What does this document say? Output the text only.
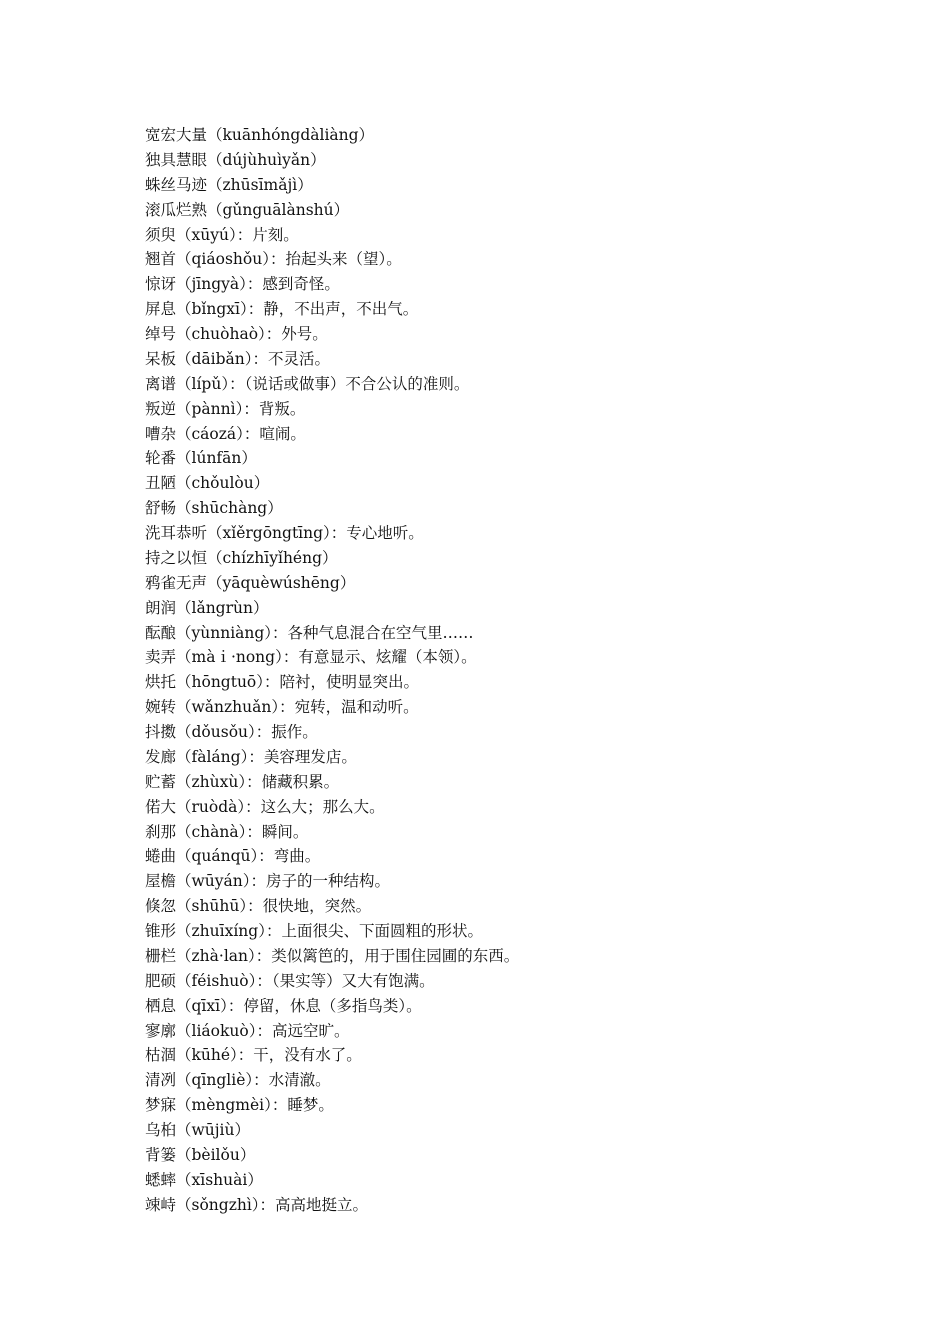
宽宏大量（kuānhóngdàliàng）
独具慧眼（dújùhuìyǎn）
蛛丝马迹（zhūsīmǎjì）
滚瓜烂熟（gǔnguālànshú）
须臾（xūyú）：片刻。
翘首（qiáoshǒu）：抬起头来（望）。
惊讶（jīngyà）：感到奇怪。
屏息（bǐngxī）：静，不出声，不出气。
绰号（chuòhaò）：外号。
呆板（dāibǎn）：不灵活。
离谱（lípǔ）：（说话或做事）不合公认的准则。
叛逆（pànnì）：背叛。
嘈杂（cáozá）：喧闹。
轮番（lúnfān）
丑陋（chǒulòu）
舒畅（shūchàng）
洗耳恭听（xǐěrgōngtīng）：专心地听。
持之以恒（chízhīyǐhéng）
鸦雀无声（yāquèwúshēng）
朗润（lǎngrùn）
酝酿（yùnniàng）：各种气息混合在空气里……
卖弄（màｉ·nong）：有意显示、炫耀（本领）。
烘托（hōngtuō）：陪衬，使明显突出。
婉转（wǎnzhuǎn）：宛转，温和动听。
抖擞（dǒusǒu）：振作。
发廊（fàláng）：美容理发店。
贮蓄（zhùxù）：储藏积累。
偌大（ruòdà）：这么大；那么大。
刹那（chànà）：瞬间。
蜷曲（quánqū）：弯曲。
屋檐（wūyán）：房子的一种结构。
倏忽（shūhū）：很快地，突然。
锥形（zhuīxíng）：上面很尖、下面圆粗的形状。
栅栏（zhà·lan）：类似篱笆的，用于围住园圃的东西。
肥硕（féishuò）：（果实等）又大有饱满。
栖息（qīxī）：停留，休息（多指鸟类）。
寥廓（liáokuò）：高远空旷。
枯涸（kūhé）：干，没有水了。
清冽（qīngliè）：水清澈。
梦寐（mèngmèi）：睡梦。
乌桕（wūjiù）
背篓（bèilǒu）
蟋蟀（xīshuài）
竦峙（sǒngzhì）：高高地挺立。
